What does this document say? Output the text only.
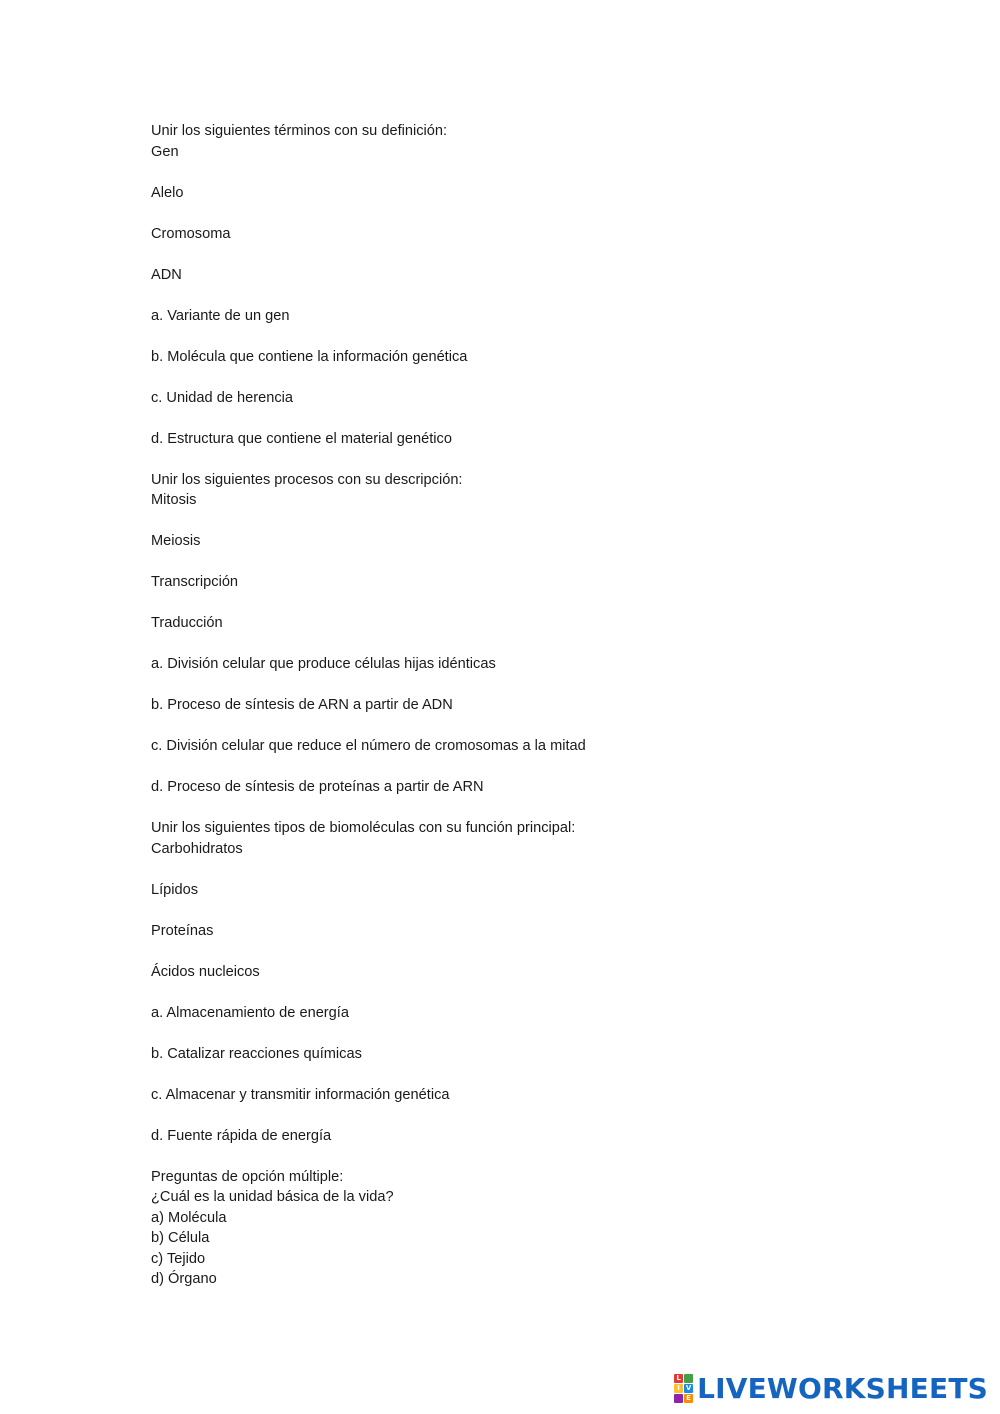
Unir los siguientes términos con su definición:
Gen
Alelo
Cromosoma
ADN
a. Variante de un gen
b. Molécula que contiene la información genética
c. Unidad de herencia
d. Estructura que contiene el material genético
Unir los siguientes procesos con su descripción:
Mitosis
Meiosis
Transcripción
Traducción
a. División celular que produce células hijas idénticas
b. Proceso de síntesis de ARN a partir de ADN
c. División celular que reduce el número de cromosomas a la mitad
d. Proceso de síntesis de proteínas a partir de ARN
Unir los siguientes tipos de biomoléculas con su función principal:
Carbohidratos
Lípidos
Proteínas
Ácidos nucleicos
a. Almacenamiento de energía
b. Catalizar reacciones químicas
c. Almacenar y transmitir información genética
d. Fuente rápida de energía
Preguntas de opción múltiple:
¿Cuál es la unidad básica de la vida?
a) Molécula
b) Célula
c) Tejido
d) Órgano
L
I V
E LIVEWORKSHEETS
